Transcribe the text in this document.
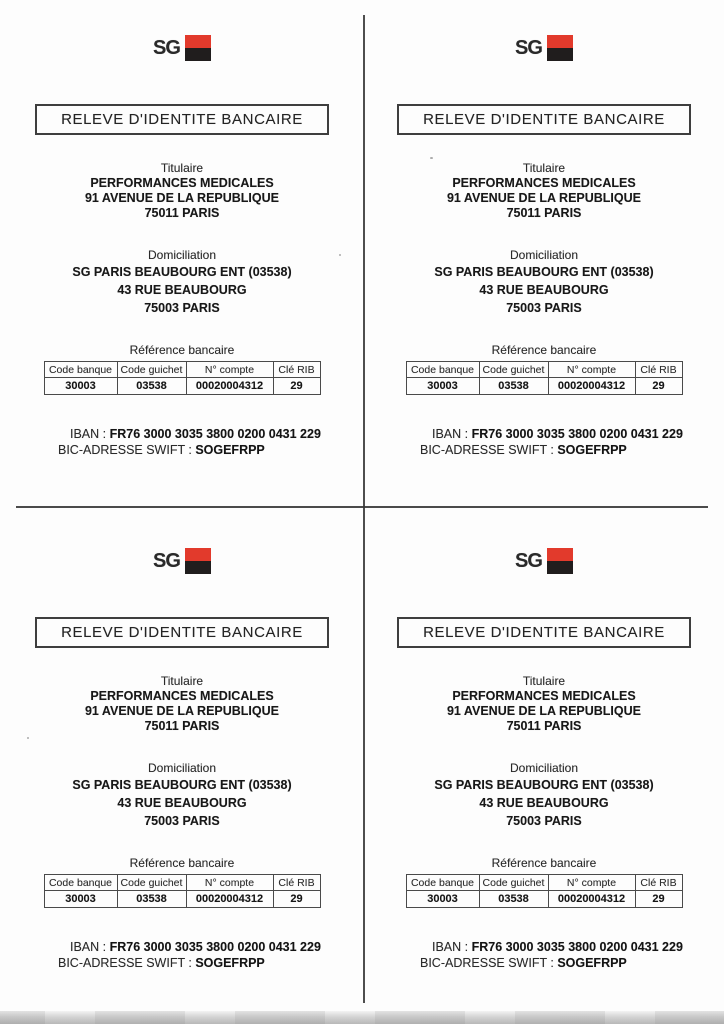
SG
RELEVE D'IDENTITE BANCAIRE
Titulaire
PERFORMANCES MEDICALES
91 AVENUE DE LA REPUBLIQUE
75011 PARIS
Domiciliation
SG PARIS BEAUBOURG ENT (03538)
43 RUE BEAUBOURG
75003 PARIS
Référence bancaire
Code banque	Code guichet	N° compte	Clé RIB
30003	03538	00020004312	29
IBAN : FR76 3000 3035 3800 0200 0431 229
BIC-ADRESSE SWIFT : SOGEFRPP
SG
RELEVE D'IDENTITE BANCAIRE
Titulaire
PERFORMANCES MEDICALES
91 AVENUE DE LA REPUBLIQUE
75011 PARIS
Domiciliation
SG PARIS BEAUBOURG ENT (03538)
43 RUE BEAUBOURG
75003 PARIS
Référence bancaire
Code banque	Code guichet	N° compte	Clé RIB
30003	03538	00020004312	29
IBAN : FR76 3000 3035 3800 0200 0431 229
BIC-ADRESSE SWIFT : SOGEFRPP
SG
RELEVE D'IDENTITE BANCAIRE
Titulaire
PERFORMANCES MEDICALES
91 AVENUE DE LA REPUBLIQUE
75011 PARIS
Domiciliation
SG PARIS BEAUBOURG ENT (03538)
43 RUE BEAUBOURG
75003 PARIS
Référence bancaire
Code banque	Code guichet	N° compte	Clé RIB
30003	03538	00020004312	29
IBAN : FR76 3000 3035 3800 0200 0431 229
BIC-ADRESSE SWIFT : SOGEFRPP
SG
RELEVE D'IDENTITE BANCAIRE
Titulaire
PERFORMANCES MEDICALES
91 AVENUE DE LA REPUBLIQUE
75011 PARIS
Domiciliation
SG PARIS BEAUBOURG ENT (03538)
43 RUE BEAUBOURG
75003 PARIS
Référence bancaire
Code banque	Code guichet	N° compte	Clé RIB
30003	03538	00020004312	29
IBAN : FR76 3000 3035 3800 0200 0431 229
BIC-ADRESSE SWIFT : SOGEFRPP
